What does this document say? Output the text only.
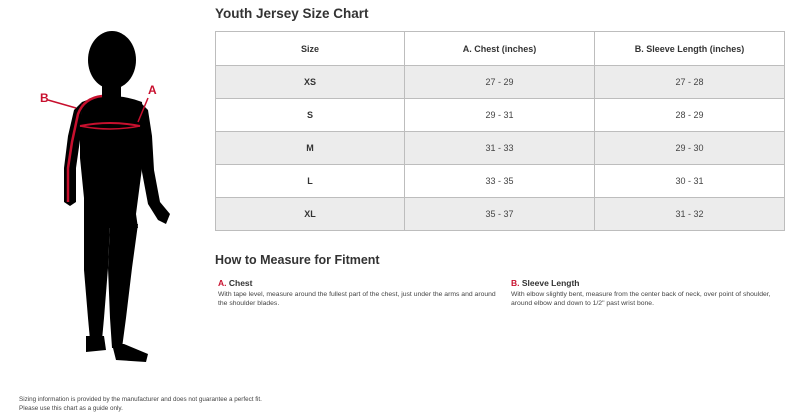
A
B
Youth Jersey Size Chart
Size	A. Chest (inches)	B. Sleeve Length (inches)
XS	27 - 29	27 - 28
S	29 - 31	28 - 29
M	31 - 33	29 - 30
L	33 - 35	30 - 31
XL	35 - 37	31 - 32
How to Measure for Fitment
A. Chest
With tape level, measure around the fullest part of the chest, just under the arms and around the shoulder blades.
B. Sleeve Length
With elbow slightly bent, measure from the center back of neck, over point of shoulder, around elbow and down to 1/2" past wrist bone.
Sizing information is provided by the manufacturer and does not guarantee a perfect fit.
Please use this chart as a guide only.
